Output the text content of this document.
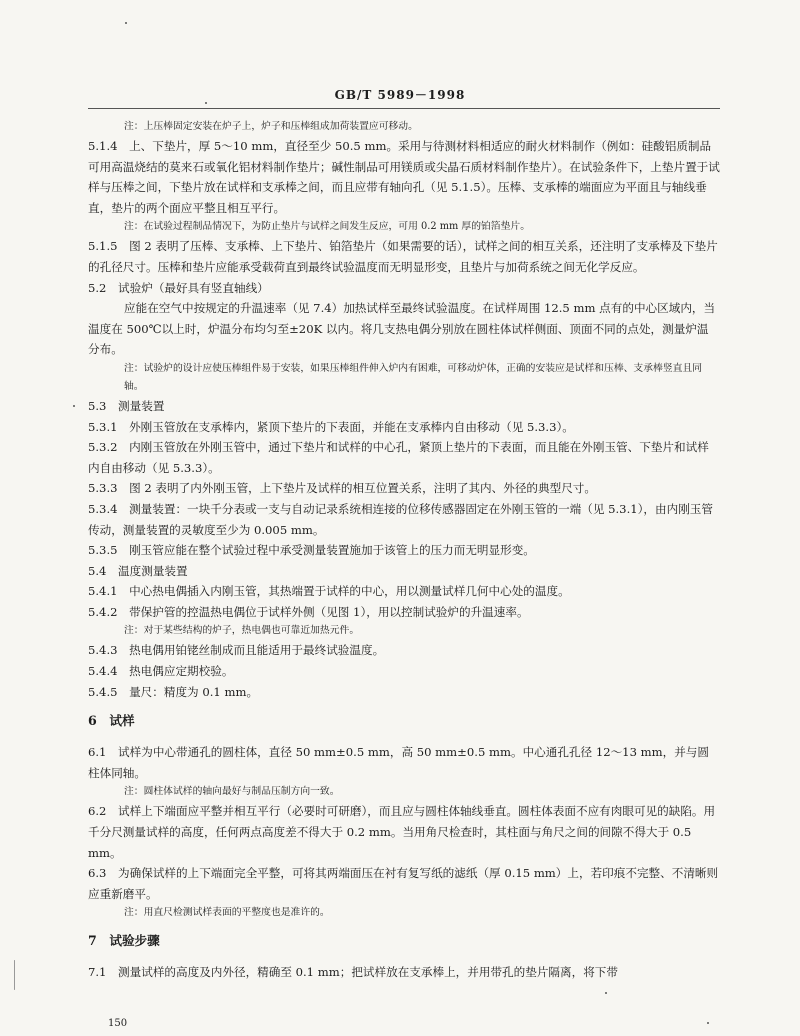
GB/T 5989－1998

注：上压棒固定安装在炉子上，炉子和压棒组成加荷装置应可移动。

5.1.4　上、下垫片，厚 5～10 mm，直径至少 50.5 mm。采用与待测材料相适应的耐火材料制作（例如：硅酸铝质制品可用高温烧结的莫来石或氧化铝材料制作垫片；碱性制品可用镁质或尖晶石质材料制作垫片）。在试验条件下，上垫片置于试样与压棒之间，下垫片放在试样和支承棒之间，而且应带有轴向孔（见 5.1.5）。压棒、支承棒的端面应为平面且与轴线垂直，垫片的两个面应平整且相互平行。

注：在试验过程制品情况下，为防止垫片与试样之间发生反应，可用 0.2 mm 厚的铂箔垫片。

5.1.5　图 2 表明了压棒、支承棒、上下垫片、铂箔垫片（如果需要的话），试样之间的相互关系，还注明了支承棒及下垫片的孔径尺寸。压棒和垫片应能承受载荷直到最终试验温度而无明显形变，且垫片与加荷系统之间无化学反应。

5.2　试验炉（最好具有竖直轴线）

应能在空气中按规定的升温速率（见 7.4）加热试样至最终试验温度。在试样周围 12.5 mm 点有的中心区域内，当温度在 500℃以上时，炉温分布均匀至±20K 以内。将几支热电偶分别放在圆柱体试样侧面、顶面不同的点处，测量炉温分布。

注：试验炉的设计应使压棒组件易于安装，如果压棒组件伸入炉内有困难，可移动炉体，正确的安装应是试样和压棒、支承棒竖直且同轴。

5.3　测量装置

5.3.1　外刚玉管放在支承棒内，紧顶下垫片的下表面，并能在支承棒内自由移动（见 5.3.3）。

5.3.2　内刚玉管放在外刚玉管中，通过下垫片和试样的中心孔，紧顶上垫片的下表面，而且能在外刚玉管、下垫片和试样内自由移动（见 5.3.3）。

5.3.3　图 2 表明了内外刚玉管，上下垫片及试样的相互位置关系，注明了其内、外径的典型尺寸。

5.3.4　测量装置：一块千分表或一支与自动记录系统相连接的位移传感器固定在外刚玉管的一端（见 5.3.1），由内刚玉管传动，测量装置的灵敏度至少为 0.005 mm。

5.3.5　刚玉管应能在整个试验过程中承受测量装置施加于该管上的压力而无明显形变。

5.4　温度测量装置

5.4.1　中心热电偶插入内刚玉管，其热端置于试样的中心，用以测量试样几何中心处的温度。

5.4.2　带保护管的控温热电偶位于试样外侧（见图 1），用以控制试验炉的升温速率。

注：对于某些结构的炉子，热电偶也可靠近加热元件。

5.4.3　热电偶用铂铑丝制成而且能适用于最终试验温度。

5.4.4　热电偶应定期校验。

5.4.5　量尺：精度为 0.1 mm。

6　试样

6.1　试样为中心带通孔的圆柱体，直径 50 mm±0.5 mm，高 50 mm±0.5 mm。中心通孔孔径 12～13 mm，并与圆柱体同轴。

注：圆柱体试样的轴向最好与制品压制方向一致。

6.2　试样上下端面应平整并相互平行（必要时可研磨），而且应与圆柱体轴线垂直。圆柱体表面不应有肉眼可见的缺陷。用千分尺测量试样的高度，任何两点高度差不得大于 0.2 mm。当用角尺检查时，其柱面与角尺之间的间隙不得大于 0.5 mm。

6.3　为确保试样的上下端面完全平整，可将其两端面压在衬有复写纸的滤纸（厚 0.15 mm）上，若印痕不完整、不清晰则应重新磨平。

注：用直尺检测试样表面的平整度也是准许的。

7　试验步骤

7.1　测量试样的高度及内外径，精确至 0.1 mm；把试样放在支承棒上，并用带孔的垫片隔离，将下带

150
